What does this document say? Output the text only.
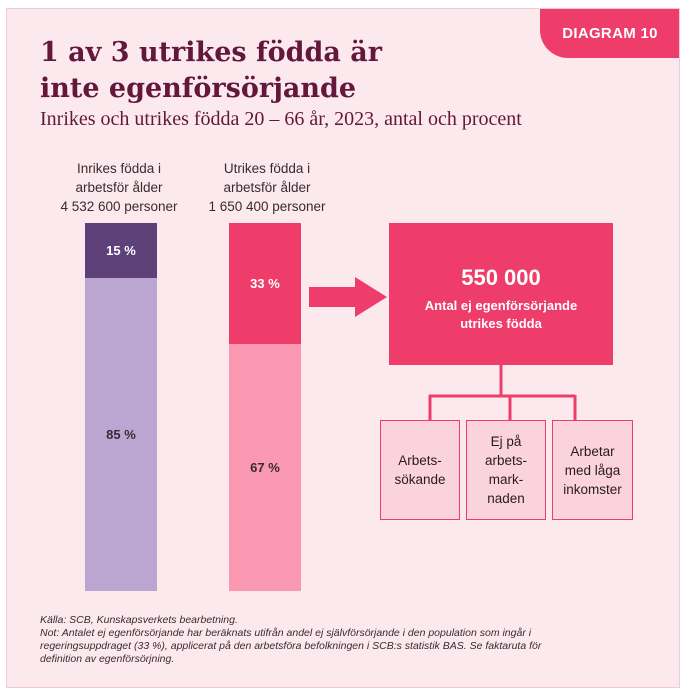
DIAGRAM 10
1 av 3 utrikes födda är
inte egenförsörjande
Inrikes och utrikes födda 20 – 66 år, 2023, antal och procent
Inrikes födda i
arbetsför ålder
4 532 600 personer
Utrikes födda i
arbetsför ålder
1 650 400 personer
15 %
85 %
33 %
67 %
550 000
Antal ej egenförsörjande
utrikes födda
Arbets-
sökande
Ej på
arbets-
mark-
naden
Arbetar
med låga
inkomster
Källa: SCB, Kunskapsverkets bearbetning.
Not: Antalet ej egenförsörjande har beräknats utifrån andel ej självförsörjande i den population som ingår i
regeringsuppdraget (33 %), applicerat på den arbetsföra befolkningen i SCB:s statistik BAS. Se faktaruta för
definition av egenförsörjning.
